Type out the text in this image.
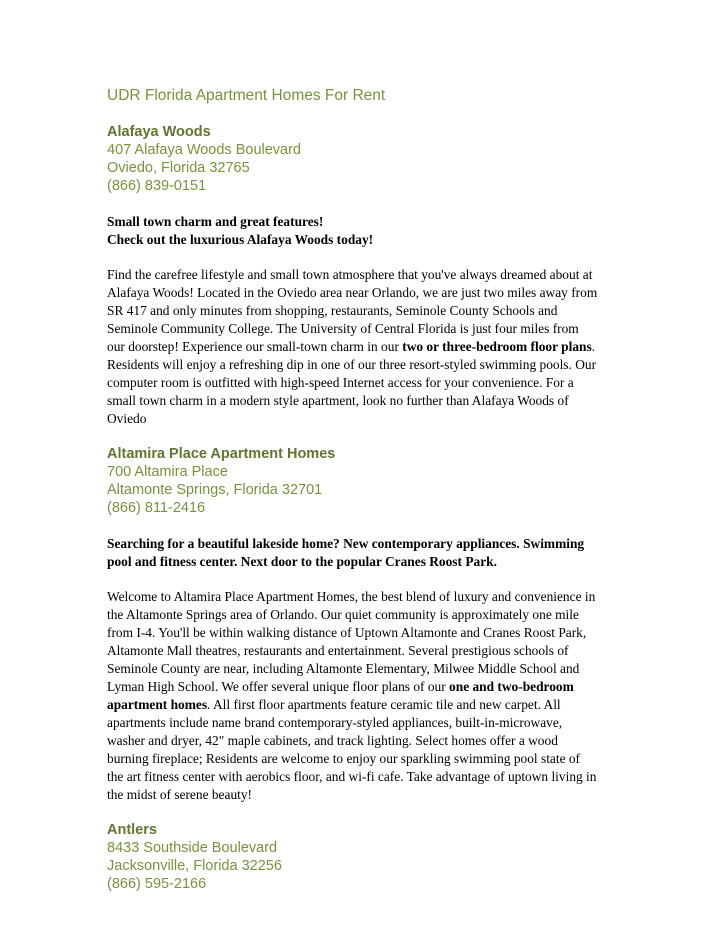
UDR Florida Apartment Homes For Rent
Alafaya Woods
407 Alafaya Woods Boulevard
Oviedo, Florida 32765
(866) 839-0151
Small town charm and great features!
Check out the luxurious Alafaya Woods today!
Find the carefree lifestyle and small town atmosphere that you've always dreamed about at
Alafaya Woods! Located in the Oviedo area near Orlando, we are just two miles away from
SR 417 and only minutes from shopping, restaurants, Seminole County Schools and
Seminole Community College. The University of Central Florida is just four miles from
our doorstep! Experience our small-town charm in our two or three-bedroom floor plans.
Residents will enjoy a refreshing dip in one of our three resort-styled swimming pools. Our
computer room is outfitted with high-speed Internet access for your convenience. For a
small town charm in a modern style apartment, look no further than Alafaya Woods of
Oviedo
Altamira Place Apartment Homes
700 Altamira Place
Altamonte Springs, Florida 32701
(866) 811-2416
Searching for a beautiful lakeside home? New contemporary appliances. Swimming
pool and fitness center. Next door to the popular Cranes Roost Park.
Welcome to Altamira Place Apartment Homes, the best blend of luxury and convenience in
the Altamonte Springs area of Orlando. Our quiet community is approximately one mile
from I-4. You'll be within walking distance of Uptown Altamonte and Cranes Roost Park,
Altamonte Mall theatres, restaurants and entertainment. Several prestigious schools of
Seminole County are near, including Altamonte Elementary, Milwee Middle School and
Lyman High School. We offer several unique floor plans of our one and two-bedroom
apartment homes. All first floor apartments feature ceramic tile and new carpet. All
apartments include name brand contemporary-styled appliances, built-in-microwave,
washer and dryer, 42" maple cabinets, and track lighting. Select homes offer a wood
burning fireplace; Residents are welcome to enjoy our sparkling swimming pool state of
the art fitness center with aerobics floor, and wi-fi cafe. Take advantage of uptown living in
the midst of serene beauty!
Antlers
8433 Southside Boulevard
Jacksonville, Florida 32256
(866) 595-2166
